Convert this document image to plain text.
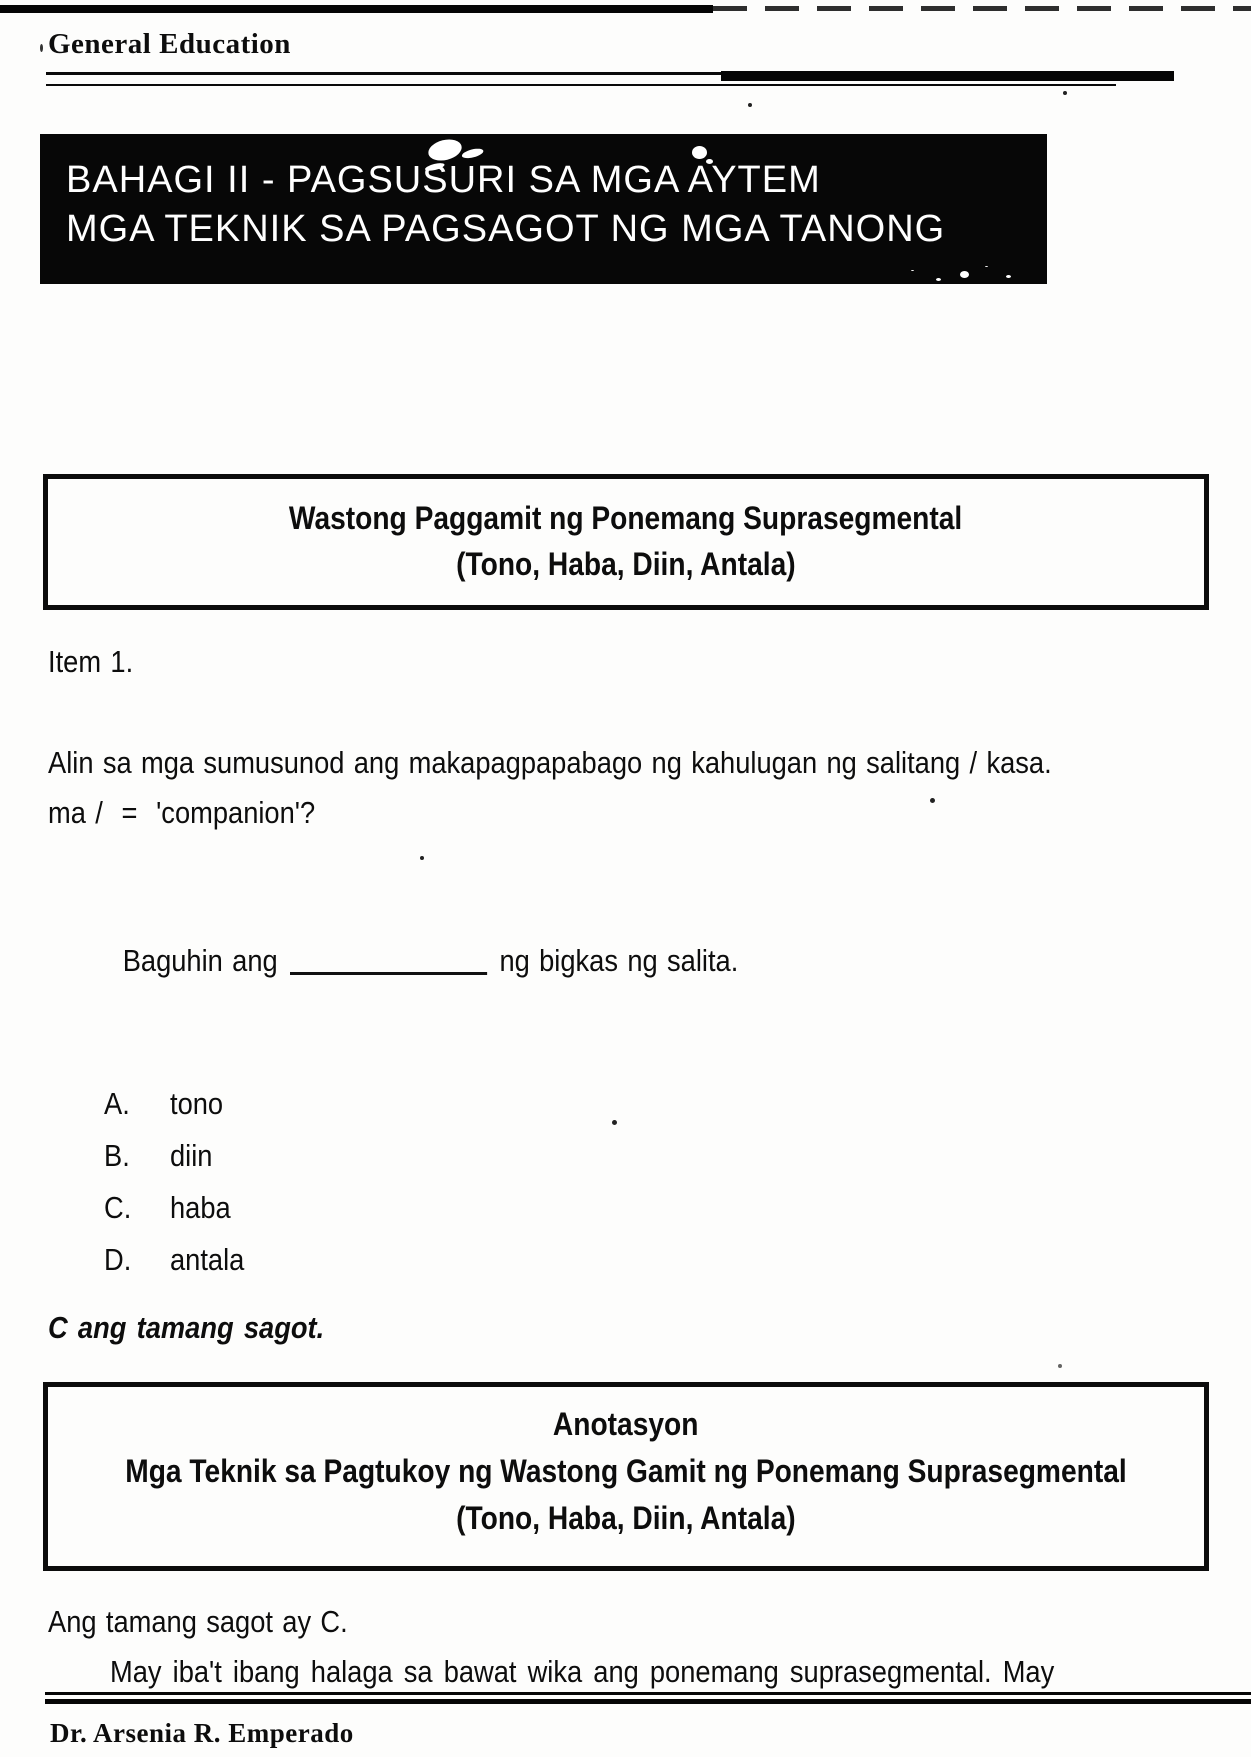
General Education
BAHAGI II - PAGSUSURI SA MGA AYTEM
MGA TEKNIK SA PAGSAGOT NG MGA TANONG
Wastong Paggamit ng Ponemang Suprasegmental
(Tono, Haba, Diin, Antala)
Item 1.
Alin sa mga sumusunod ang makapagpapabago ng kahulugan ng salitang / kasa.
ma /  =  'companion'?

Baguhin ang	ng bigkas ng salita.

A.	tono
B.	diin
C.	haba
D.	antala
C ang tamang sagot.
Anotasyon
Mga Teknik sa Pagtukoy ng Wastong Gamit ng Ponemang Suprasegmental
(Tono, Haba, Diin, Antala)
Ang tamang sagot ay C.
May iba't ibang halaga sa bawat wika ang ponemang suprasegmental. May
Dr. Arsenia R. Emperado
